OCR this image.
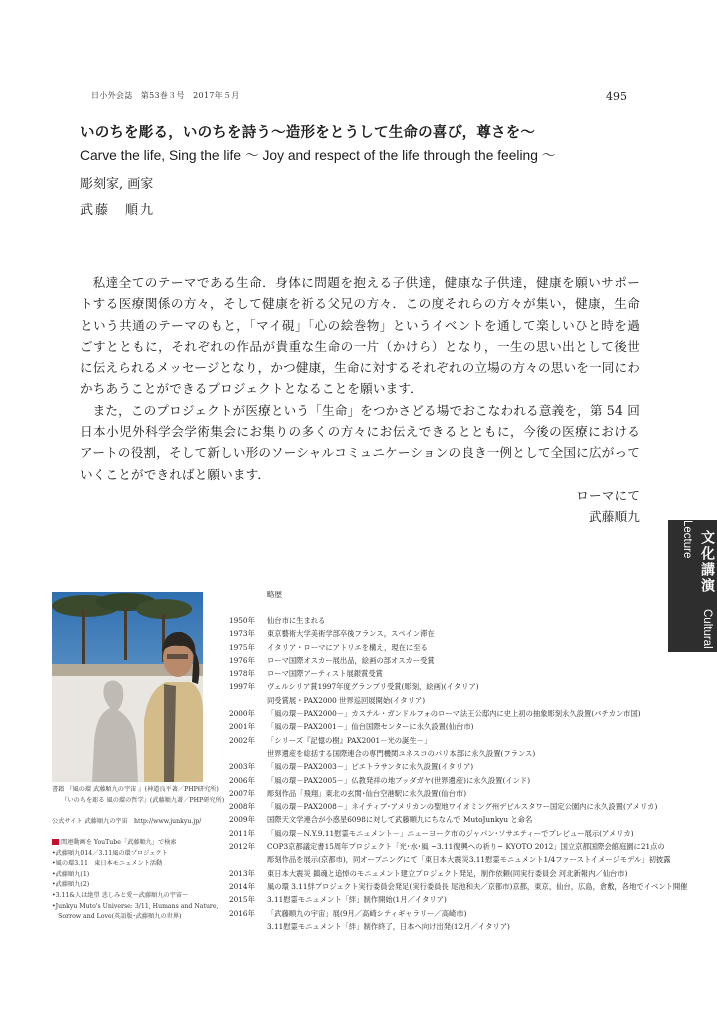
日小外会誌　第53巻３号　2017年５月	495
いのちを彫る，いのちを詩う〜造形をとうして生命の喜び，尊さを〜
Carve the life, Sing the life 〜 Joy and respect of the life through the feeling 〜
彫刻家, 画家
武藤　順九

私達全てのテーマである生命．身体に問題を抱える子供達，健康な子供達，健康を願いサポートする医療関係の方々，そして健康を祈る父兄の方々．この度それらの方々が集い，健康，生命という共通のテーマのもと，「マイ硯」「心の絵巻物」というイベントを通して楽しいひと時を過ごすとともに，それぞれの作品が貴重な生命の一片（かけら）となり，一生の思い出として後世に伝えられるメッセージとなり，かつ健康，生命に対するそれぞれの立場の方々の思いを一同にわかちあうことができるプロジェクトとなることを願います．

また，このプロジェクトが医療という「生命」をつかさどる場でおこなわれる意義を，第 54 回日本小児外科学会学術集会にお集りの多くの方々にお伝えできるとともに，今後の医療におけるアートの役割，そして新しい形のソーシャルコミュニケーションの良き一例として全国に広がっていくことができればと願います．

ローマにて
武藤順九
文化講演 Cultural Lecture
書籍 『風の環 武藤順九の宇宙 』(神道良平著／PHP研究所)
　　『いのちを彫る 風の環の哲学』(武藤順九著／PHP研究所)

公式サイト 武藤順九の宇宙　http://www.junkyu.jp/

関連動画を YouTube「武藤順九」で検索
•武藤順九014／3.11風の環プロジェクト
•風の環3.11　東日本モニュメント活動
•武藤順九(1)
•武藤順九(2)
•3.11&人は絶望 悲しみと愛〜武藤順九の宇宙〜
•Junkyu Muto's Universe: 3/11, Humans and Nature,
　Sorrow and Love(英語版･武藤順九の世界)
略歴
1950年	仙台市に生まれる
1973年	東京藝術大学美術学部卒後フランス，スペイン滞在
1975年	イタリア・ローマにアトリエを構え，現在に至る
1976年	ローマ国際オスカー展出品，絵画の部オスカー受賞
1978年	ローマ国際アーティスト展銀賞受賞
1997年	ヴェルシリア賞1997年度グランプリ受賞(彫刻，絵画)(イタリア)
同受賞展・PAX2000 世界巡回展開始(イタリア)
2000年	「風の環－PAX2000－」カステル・ガンドルフォのローマ法王公邸内に史上初の抽象彫刻永久設置(バチカン市国)
2001年	「風の環－PAX2001－」仙台国際センターに永久設置(仙台市)
2002年	「シリーズ『記憶の樹』PAX2001－光の誕生－」
世界遺産を総括する国際連合の専門機関ユネスコのパリ本部に永久設置(フランス)
2003年	「風の環－PAX2003－」ピエトラサンタに永久設置(イタリア)
2006年	「風の環－PAX2005－」仏教発祥の地ブッダガヤ(世界遺産)に永久設置(インド)
2007年	彫刻作品「飛翔」東北の玄関･仙台空港駅に永久設置(仙台市)
2008年	「風の環－PAX2008－」ネイティブ･アメリカンの聖地ワイオミング州デビルスタワー国定公園内に永久設置(アメリカ)
2009年	国際天文学連合が小惑星6098に対して武藤順九にちなんで MutoJunkyu と命名
2011年	「風の環－N.Y.9.11慰霊モニュメント－」ニューヨーク市のジャパン･ソサエティーでプレビュー展示(アメリカ)
2012年	COP3京都議定書15周年プロジェクト「光･水･風 ~3.11復興への祈り~ KYOTO 2012」国立京都国際会館庭園に21点の
彫刻作品を展示(京都市)，同オープニングにて「東日本大震災3.11慰霊モニュメント1/4ファーストイメージモデル」初披露
2013年	東日本大震災 鎮魂と追悼のモニュメント建立プロジェクト発足，制作依頼(同実行委員会 河北新報内／仙台市)
2014年	風の環 3.11絆プロジェクト実行委員会発足(実行委員長 尾池和夫／京都市)京都，東京，仙台，広島，倉敷，各地でイベント開催
2015年	3.11慰霊モニュメント「絆」制作開始(1月／イタリア)
2016年	「武藤順九の宇宙」展(9月／高崎シティギャラリー／高崎市)
3.11慰霊モニュメント「絆」制作終了，日本へ向け出発(12月／イタリア)
